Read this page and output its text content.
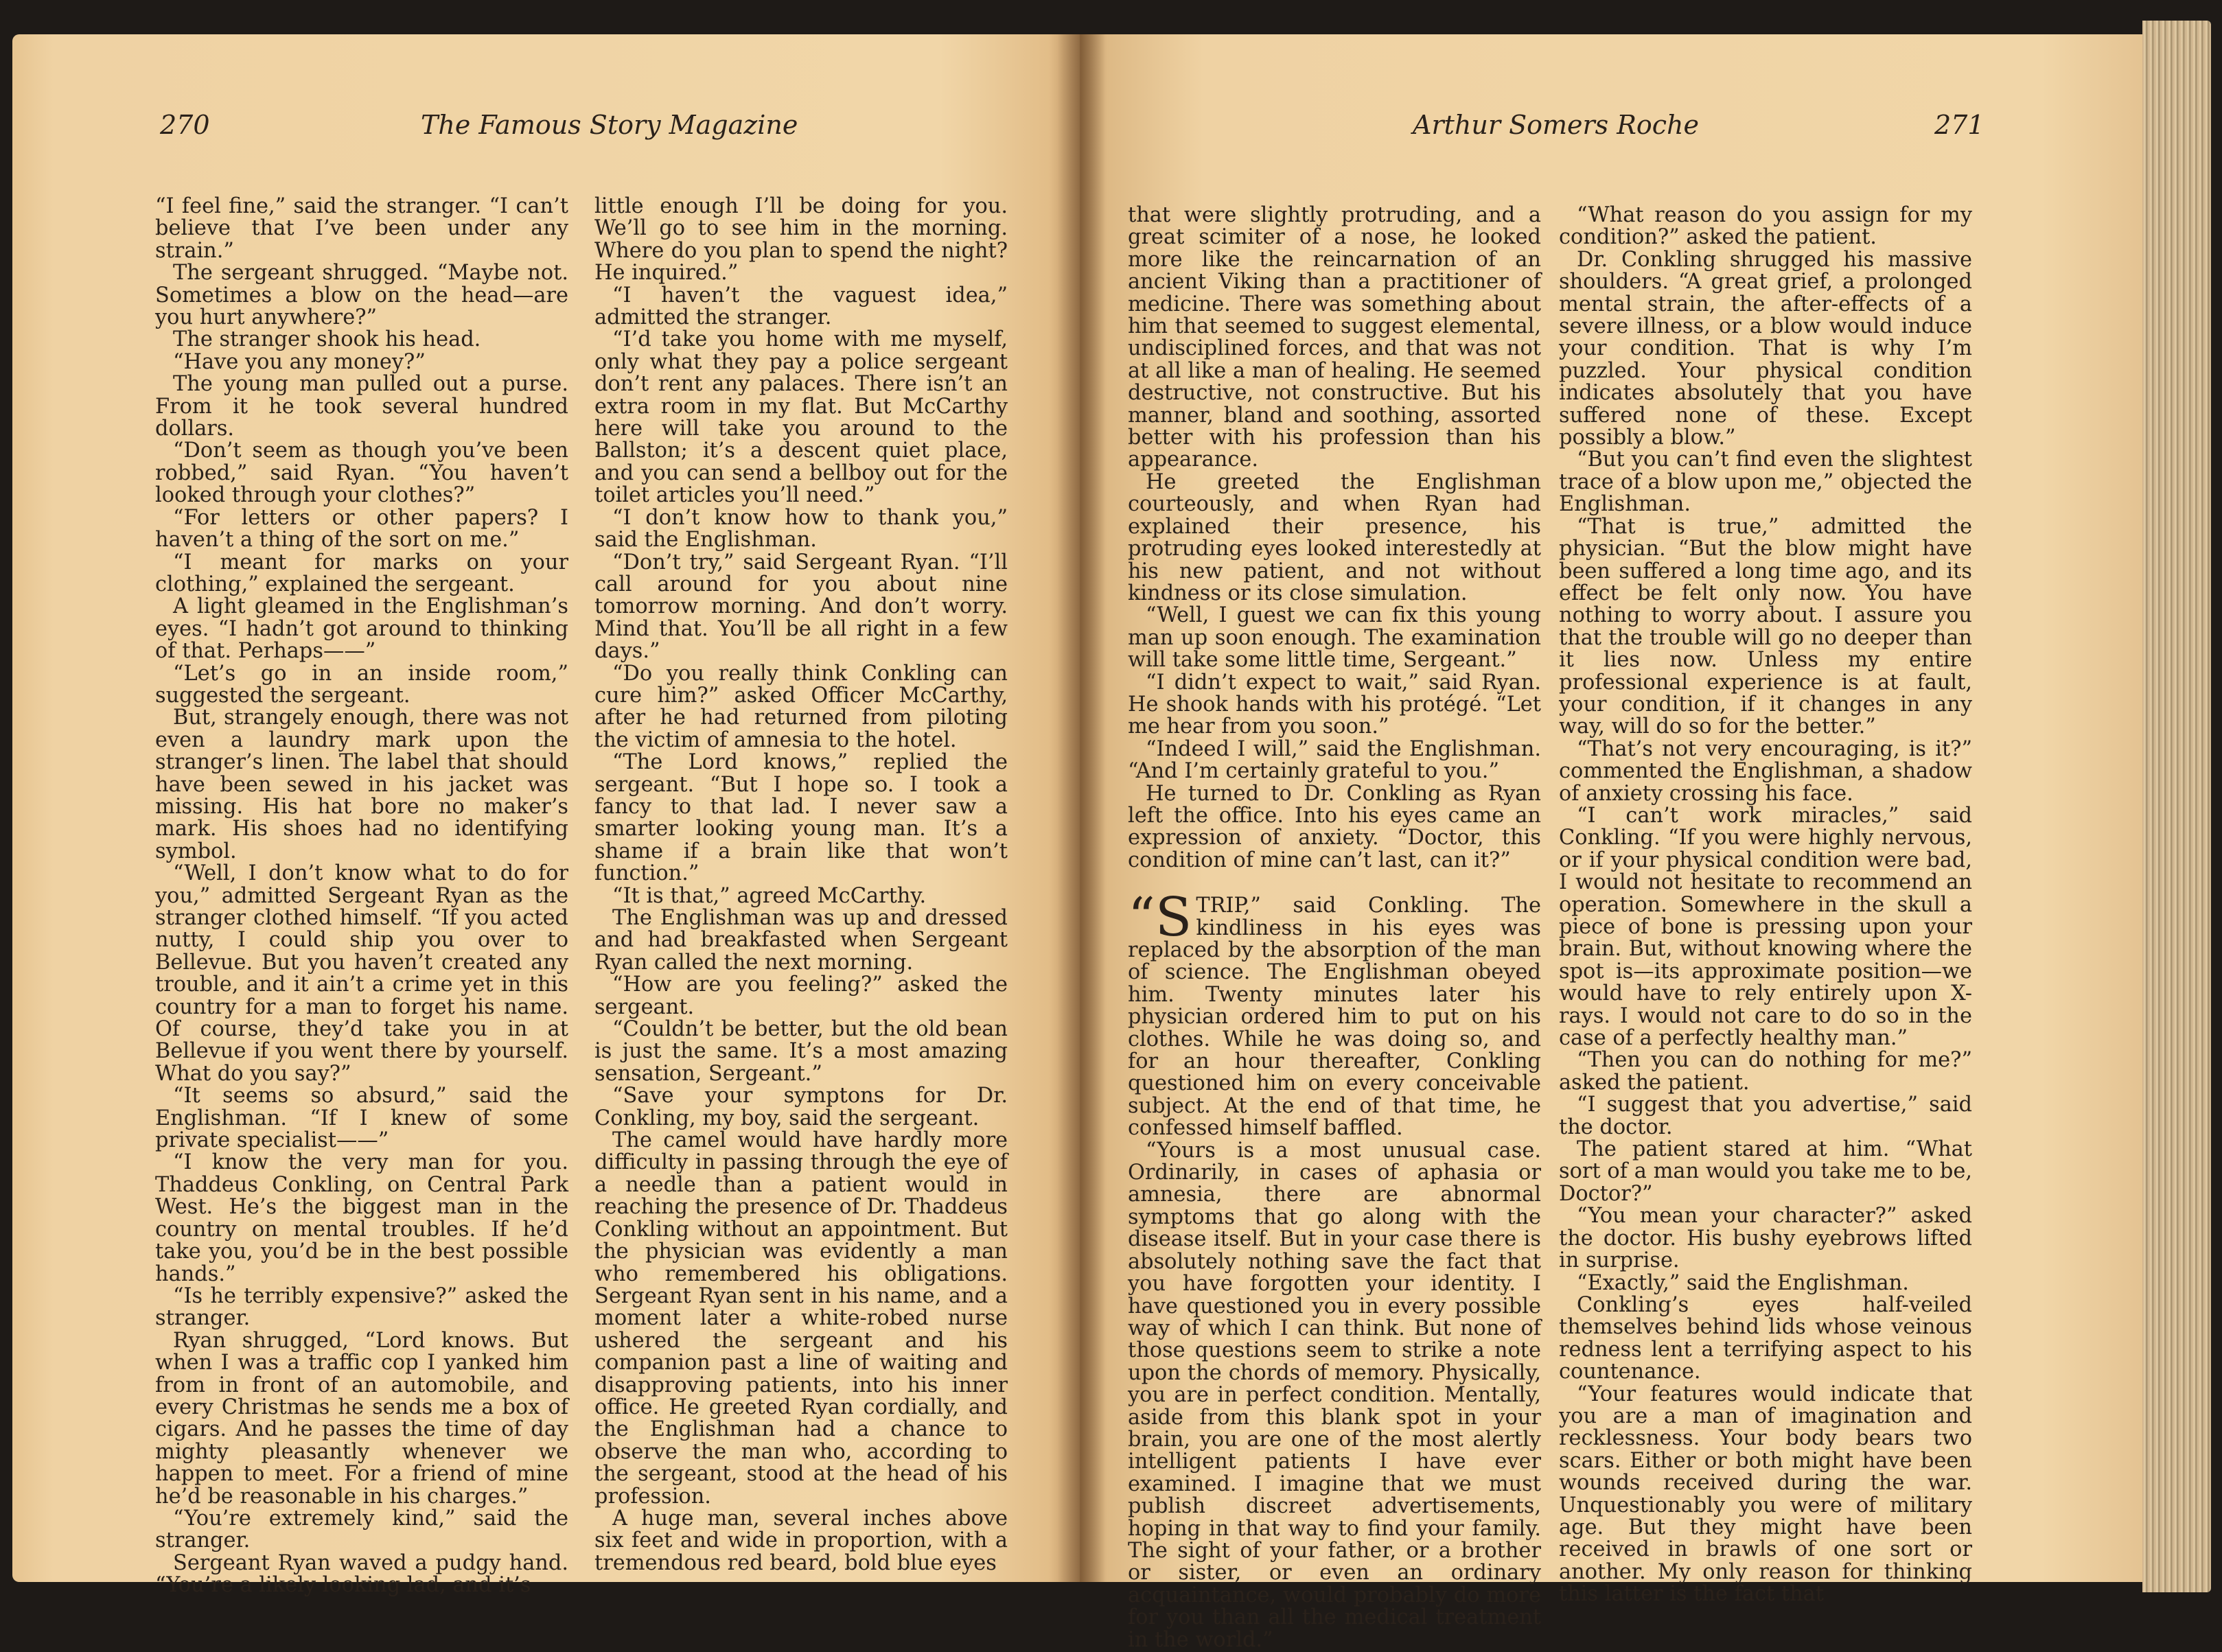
270	The Famous Story Magazine

“I feel fine,” said the stranger. “I can’t believe that I’ve been under any strain.”

The sergeant shrugged. “Maybe not. Sometimes a blow on the head—are you hurt anywhere?”

The stranger shook his head.

“Have you any money?”

The young man pulled out a purse. From it he took several hundred dollars.

“Don’t seem as though you’ve been robbed,” said Ryan. “You haven’t looked through your clothes?”

“For letters or other papers? I haven’t a thing of the sort on me.”

“I meant for marks on your clothing,” explained the sergeant.

A light gleamed in the Englishman’s eyes. “I hadn’t got around to thinking of that. Perhaps——”

“Let’s go in an inside room,” suggested the sergeant.

But, strangely enough, there was not even a laundry mark upon the stranger’s linen. The label that should have been sewed in his jacket was missing. His hat bore no maker’s mark. His shoes had no identifying symbol.

“Well, I don’t know what to do for you,” admitted Sergeant Ryan as the stranger clothed himself. “If you acted nutty, I could ship you over to Bellevue. But you haven’t created any trouble, and it ain’t a crime yet in this country for a man to forget his name. Of course, they’d take you in at Bellevue if you went there by yourself. What do you say?”

“It seems so absurd,” said the Englishman. “If I knew of some private specialist——”

“I know the very man for you. Thaddeus Conkling, on Central Park West. He’s the biggest man in the country on mental troubles. If he’d take you, you’d be in the best possible hands.”

“Is he terribly expensive?” asked the stranger.

Ryan shrugged, “Lord knows. But when I was a traffic cop I yanked him from in front of an automobile, and every Christmas he sends me a box of cigars. And he passes the time of day mighty pleasantly whenever we happen to meet. For a friend of mine he’d be reasonable in his charges.”

“You’re extremely kind,” said the stranger.

Sergeant Ryan waved a pudgy hand. “You’re a likely looking lad, and it’s

little enough I’ll be doing for you. We’ll go to see him in the morning. Where do you plan to spend the night? He inquired.”

“I haven’t the vaguest idea,” admitted the stranger.

“I’d take you home with me myself, only what they pay a police sergeant don’t rent any palaces. There isn’t an extra room in my flat. But McCarthy here will take you around to the Ballston; it’s a descent quiet place, and you can send a bellboy out for the toilet articles you’ll need.”

“I don’t know how to thank you,” said the Englishman.

“Don’t try,” said Sergeant Ryan. “I’ll call around for you about nine tomorrow morning. And don’t worry. Mind that. You’ll be all right in a few days.”

“Do you really think Conkling can cure him?” asked Officer McCarthy, after he had returned from piloting the victim of amnesia to the hotel.

“The Lord knows,” replied the sergeant. “But I hope so. I took a fancy to that lad. I never saw a smarter looking young man. It’s a shame if a brain like that won’t function.”

“It is that,” agreed McCarthy.

The Englishman was up and dressed and had breakfasted when Sergeant Ryan called the next morning.

“How are you feeling?” asked the sergeant.

“Couldn’t be better, but the old bean is just the same. It’s a most amazing sensation, Sergeant.”

“Save your symptons for Dr. Conkling, my boy, said the sergeant.

The camel would have hardly more difficulty in passing through the eye of a needle than a patient would in reaching the presence of Dr. Thaddeus Conkling without an appointment. But the physician was evidently a man who remembered his obligations. Sergeant Ryan sent in his name, and a moment later a white-robed nurse ushered the sergeant and his companion past a line of waiting and disapproving patients, into his inner office. He greeted Ryan cordially, and the Englishman had a chance to observe the man who, according to the sergeant, stood at the head of his profession.

A huge man, several inches above six feet and wide in proportion, with a tremendous red beard, bold blue eyes

Arthur Somers Roche	271

that were slightly protruding, and a great scimiter of a nose, he looked more like the reincarnation of an ancient Viking than a practitioner of medicine. There was something about him that seemed to suggest elemental, undisciplined forces, and that was not at all like a man of healing. He seemed destructive, not constructive. But his manner, bland and soothing, assorted better with his profession than his appearance.

He greeted the Englishman courteously, and when Ryan had explained their presence, his protruding eyes looked interestedly at his new patient, and not without kindness or its close simulation.

“Well, I guest we can fix this young man up soon enough. The examination will take some little time, Sergeant.”

“I didn’t expect to wait,” said Ryan. He shook hands with his protégé. “Let me hear from you soon.”

“Indeed I will,” said the Englishman. “And I’m certainly grateful to you.”

He turned to Dr. Conkling as Ryan left the office. Into his eyes came an expression of anxiety. “Doctor, this condition of mine can’t last, can it?”

“STRIP,” said Conkling. The kindliness in his eyes was replaced by the absorption of the man of science. The Englishman obeyed him. Twenty minutes later his physician ordered him to put on his clothes. While he was doing so, and for an hour thereafter, Conkling questioned him on every conceivable subject. At the end of that time, he confessed himself baffled.

“Yours is a most unusual case. Ordinarily, in cases of aphasia or amnesia, there are abnormal symptoms that go along with the disease itself. But in your case there is absolutely nothing save the fact that you have forgotten your identity. I have questioned you in every possible way of which I can think. But none of those questions seem to strike a note upon the chords of memory. Physically, you are in perfect condition. Mentally, aside from this blank spot in your brain, you are one of the most alertly intelligent patients I have ever examined. I imagine that we must publish discreet advertisements, hoping in that way to find your family. The sight of your father, or a brother or sister, or even an ordinary acquaintance, would probably do more for you than all the medical treatment in the world.”

“What reason do you assign for my condition?” asked the patient.

Dr. Conkling shrugged his massive shoulders. “A great grief, a prolonged mental strain, the after-effects of a severe illness, or a blow would induce your condition. That is why I’m puzzled. Your physical condition indicates absolutely that you have suffered none of these. Except possibly a blow.”

“But you can’t find even the slightest trace of a blow upon me,” objected the Englishman.

“That is true,” admitted the physician. “But the blow might have been suffered a long time ago, and its effect be felt only now. You have nothing to worry about. I assure you that the trouble will go no deeper than it lies now. Unless my entire professional experience is at fault, your condition, if it changes in any way, will do so for the better.”

“That’s not very encouraging, is it?” commented the Englishman, a shadow of anxiety crossing his face.

“I can’t work miracles,” said Conkling. “If you were highly nervous, or if your physical condition were bad, I would not hesitate to recommend an operation. Somewhere in the skull a piece of bone is pressing upon your brain. But, without knowing where the spot is—its approximate position—we would have to rely entirely upon X-rays. I would not care to do so in the case of a perfectly healthy man.”

“Then you can do nothing for me?” asked the patient.

“I suggest that you advertise,” said the doctor.

The patient stared at him. “What sort of a man would you take me to be, Doctor?”

“You mean your character?” asked the doctor. His bushy eyebrows lifted in surprise.

“Exactly,” said the Englishman.

Conkling’s eyes half-veiled themselves behind lids whose veinous redness lent a terrifying aspect to his countenance.

“Your features would indicate that you are a man of imagination and recklessness. Your body bears two scars. Either or both might have been wounds received during the war. Unquestionably you were of military age. But they might have been received in brawls of one sort or another. My only reason for thinking this latter is the fact that
